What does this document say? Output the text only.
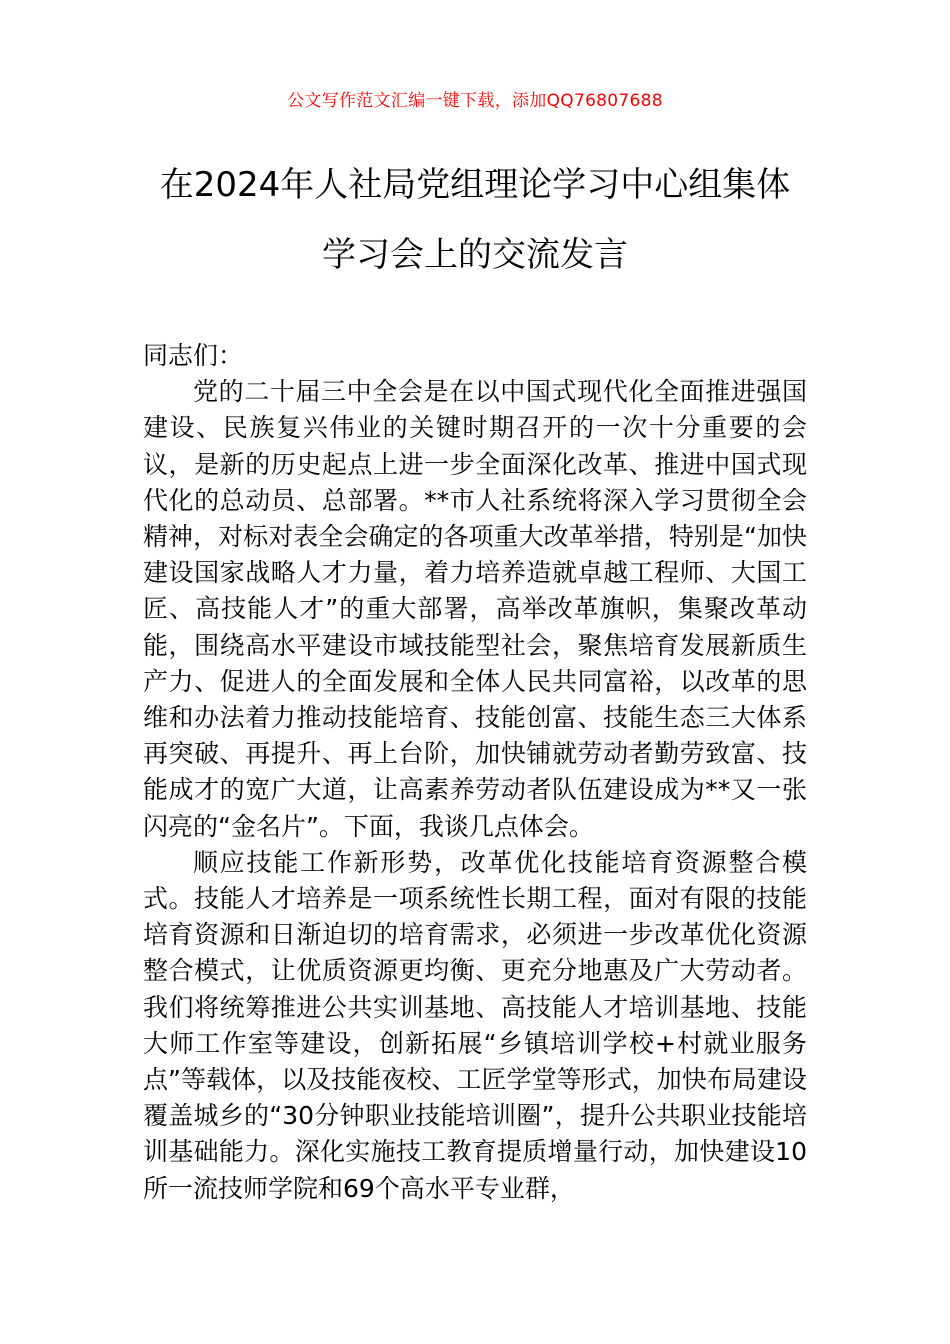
公文写作范文汇编一键下载，添加QQ76807688
在2024年人社局党组理论学习中心组集体
学习会上的交流发言

同志们：

党的二十届三中全会是在以中国式现代化全面推进强国建设、民族复兴伟业的关键时期召开的一次十分重要的会议，是新的历史起点上进一步全面深化改革、推进中国式现代化的总动员、总部署。**市人社系统将深入学习贯彻全会精神，对标对表全会确定的各项重大改革举措，特别是“加快建设国家战略人才力量，着力培养造就卓越工程师、大国工匠、高技能人才”的重大部署，高举改革旗帜，集聚改革动能，围绕高水平建设市域技能型社会，聚焦培育发展新质生产力、促进人的全面发展和全体人民共同富裕，以改革的思维和办法着力推动技能培育、技能创富、技能生态三大体系再突破、再提升、再上台阶，加快铺就劳动者勤劳致富、技能成才的宽广大道，让高素养劳动者队伍建设成为**又一张闪亮的“金名片”。下面，我谈几点体会。

顺应技能工作新形势，改革优化技能培育资源整合模式。技能人才培养是一项系统性长期工程，面对有限的技能培育资源和日渐迫切的培育需求，必须进一步改革优化资源整合模式，让优质资源更均衡、更充分地惠及广大劳动者。我们将统筹推进公共实训基地、高技能人才培训基地、技能大师工作室等建设，创新拓展“乡镇培训学校+村就业服务点”等载体，以及技能夜校、工匠学堂等形式，加快布局建设覆盖城乡的“30分钟职业技能培训圈”，提升公共职业技能培训基础能力。深化实施技工教育提质增量行动，加快建设10所一流技师学院和69个高水平专业群，
